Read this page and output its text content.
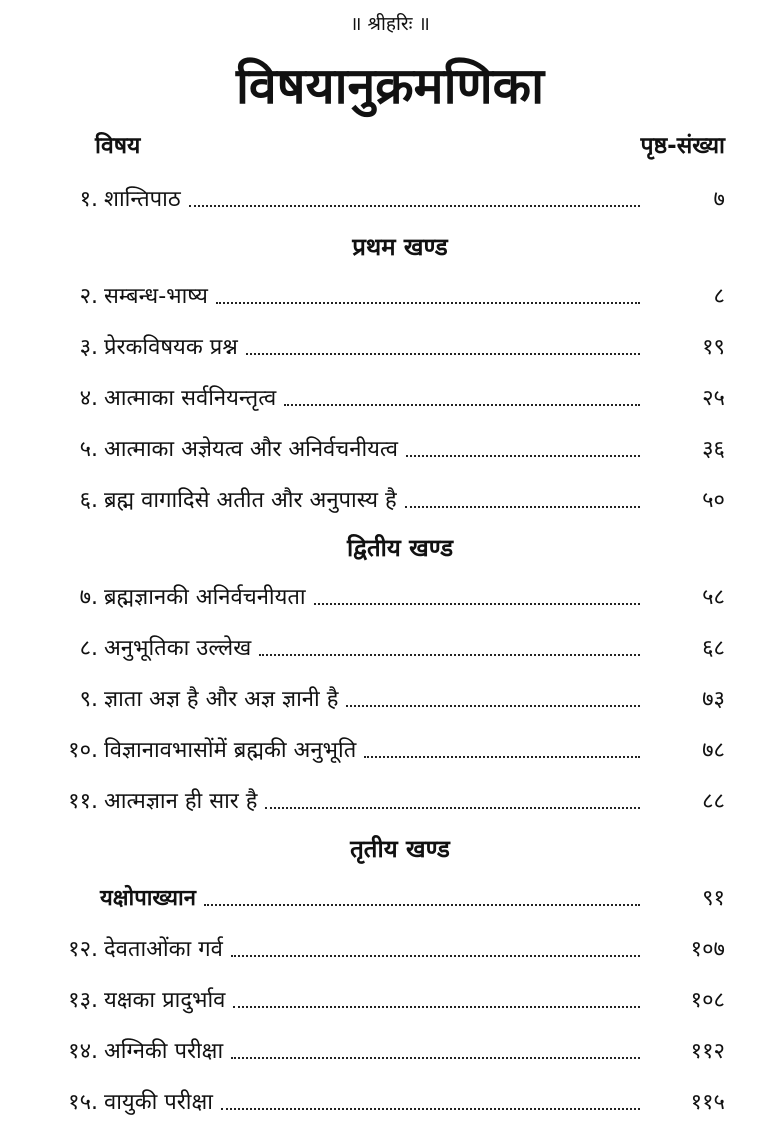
॥ श्रीहरिः ॥
विषयानुक्रमणिका
विषय	पृष्ठ-संख्या
१. शान्तिपाठ	७
प्रथम खण्ड
२. सम्बन्ध-भाष्य	८
३. प्रेरकविषयक प्रश्न	१९
४. आत्माका सर्वनियन्तृत्व	२५
५. आत्माका अज्ञेयत्व और अनिर्वचनीयत्व	३६
६. ब्रह्म वागादिसे अतीत और अनुपास्य है	५०
द्वितीय खण्ड
७. ब्रह्मज्ञानकी अनिर्वचनीयता	५८
८. अनुभूतिका उल्लेख	६८
९. ज्ञाता अज्ञ है और अज्ञ ज्ञानी है	७३
१०. विज्ञानावभासोंमें ब्रह्मकी अनुभूति	७८
११. आत्मज्ञान ही सार है	८८
तृतीय खण्ड
यक्षोपाख्यान	९१
१२. देवताओंका गर्व	१०७
१३. यक्षका प्रादुर्भाव	१०८
१४. अग्निकी परीक्षा	११२
१५. वायुकी परीक्षा	११५
